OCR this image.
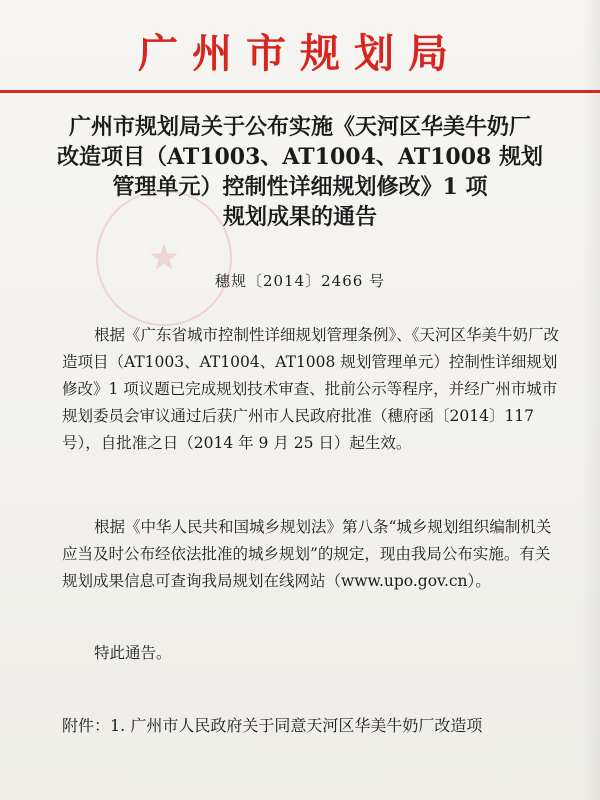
广州市规划局
★
广州市规划局关于公布实施《天河区华美牛奶厂
改造项目（AT1003、AT1004、AT1008 规划
管理单元）控制性详细规划修改》1 项
规划成果的通告
穗规〔2014〕2466 号
根据《广东省城市控制性详细规划管理条例》、《天河区华美牛奶厂改造项目（AT1003、AT1004、AT1008 规划管理单元）控制性详细规划修改》1 项议题已完成规划技术审查、批前公示等程序，并经广州市城市规划委员会审议通过后获广州市人民政府批准（穗府函〔2014〕117 号），自批准之日（2014 年 9 月 25 日）起生效。
根据《中华人民共和国城乡规划法》第八条“城乡规划组织编制机关应当及时公布经依法批准的城乡规划”的规定，现由我局公布实施。有关规划成果信息可查询我局规划在线网站（www.upo.gov.cn）。
特此通告。
附件：1. 广州市人民政府关于同意天河区华美牛奶厂改造项
